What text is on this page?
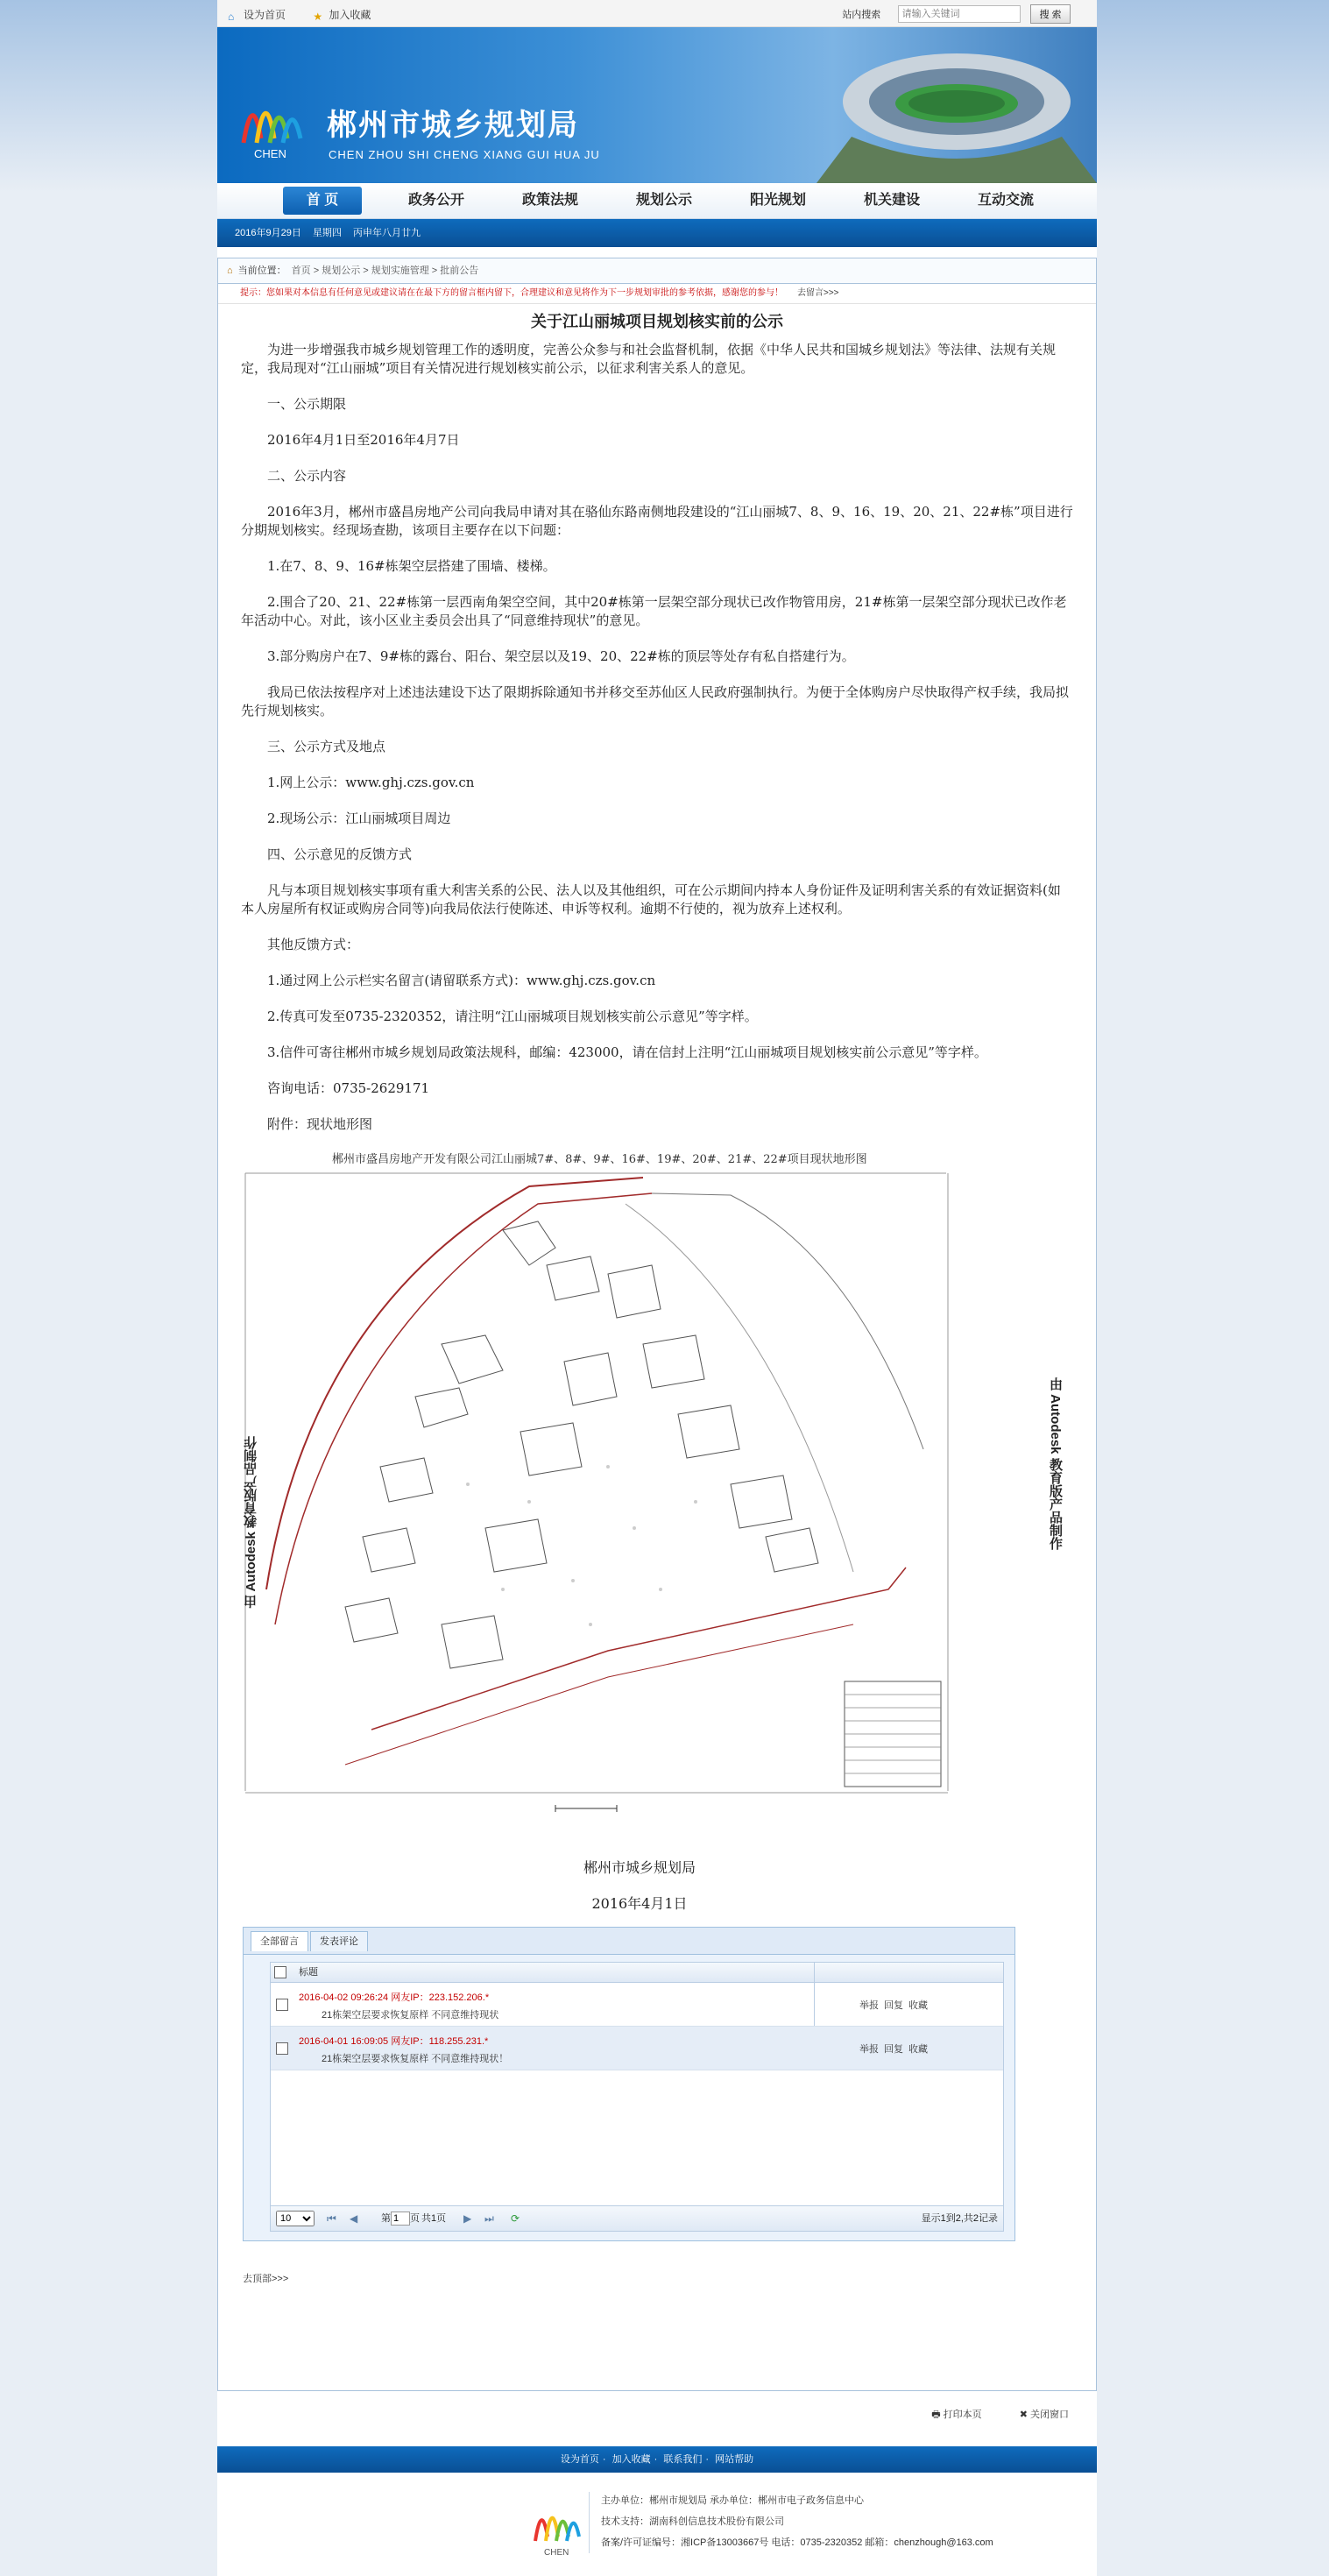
⌂ 设为首页	★ 加入收藏	站内搜索 请输入关键词	搜 索
CHEN
郴州市城乡规划局
CHEN ZHOU SHI CHENG XIANG GUI HUA JU
首 页	政务公开	政策法规	规划公示	阳光规划	机关建设	互动交流
2016年9月29日 星期四 丙申年八月廿九
⌂ 当前位置： 首页 > 规划公示 > 规划实施管理 > 批前公告
提示：您如果对本信息有任何意见或建议请在在最下方的留言框内留下，合理建议和意见将作为下一步规划审批的参考依据，感谢您的参与！ 去留言>>>
关于江山丽城项目规划核实前的公示

为进一步增强我市城乡规划管理工作的透明度，完善公众参与和社会监督机制，依据《中华人民共和国城乡规划法》等法律、法规有关规定，我局现对“江山丽城”项目有关情况进行规划核实前公示，以征求利害关系人的意见。

一、公示期限

2016年4月1日至2016年4月7日

二、公示内容

2016年3月，郴州市盛昌房地产公司向我局申请对其在骆仙东路南侧地段建设的“江山丽城7、8、9、16、19、20、21、22#栋”项目进行分期规划核实。经现场查勘，该项目主要存在以下问题：

1.在7、8、9、16#栋架空层搭建了围墙、楼梯。

2.围合了20、21、22#栋第一层西南角架空空间，其中20#栋第一层架空部分现状已改作物管用房，21#栋第一层架空部分现状已改作老年活动中心。对此，该小区业主委员会出具了“同意维持现状”的意见。

3.部分购房户在7、9#栋的露台、阳台、架空层以及19、20、22#栋的顶层等处存有私自搭建行为。

我局已依法按程序对上述违法建设下达了限期拆除通知书并移交至苏仙区人民政府强制执行。为便于全体购房户尽快取得产权手续，我局拟先行规划核实。

三、公示方式及地点

1.网上公示：www.ghj.czs.gov.cn

2.现场公示：江山丽城项目周边

四、公示意见的反馈方式

凡与本项目规划核实事项有重大利害关系的公民、法人以及其他组织，可在公示期间内持本人身份证件及证明利害关系的有效证据资料(如本人房屋所有权证或购房合同等)向我局依法行使陈述、申诉等权利。逾期不行使的，视为放弃上述权利。

其他反馈方式：

1.通过网上公示栏实名留言(请留联系方式)：www.ghj.czs.gov.cn

2.传真可发至0735-2320352，请注明“江山丽城项目规划核实前公示意见”等字样。

3.信件可寄往郴州市城乡规划局政策法规科，邮编：423000，请在信封上注明“江山丽城项目规划核实前公示意见”等字样。

咨询电话：0735-2629171

附件：现状地形图

郴州市盛昌房地产开发有限公司江山丽城7#、8#、9#、16#、19#、20#、21#、22#项目现状地形图
由 Autodesk 教育版产品制作	由 Autodesk 教育版产品制作
郴州市城乡规划局
2016年4月1日
全部留言 发表评论
标题
2016-04-02 09:26:24 网友IP：223.152.206.*
21栋架空层要求恢复原样 不同意维持现状
举报 回复 收藏
2016-04-01 16:09:05 网友IP：118.255.231.*
21栋架空层要求恢复原样 不同意维持现状！
举报 回复 收藏
10
⏮ ◀ 第1 页 共1页 ▶ ⏭ ⟳	显示1到2,共2记录
去顶部>>>
🖶 打印本页	✖ 关闭窗口
设为首页 · 加入收藏 · 联系我们 · 网站帮助
CHEN
主办单位：郴州市规划局 承办单位：郴州市电子政务信息中心
技术支持：湖南科创信息技术股份有限公司
备案/许可证编号：湘ICP备13003667号 电话：0735-2320352 邮箱：chenzhough@163.com
